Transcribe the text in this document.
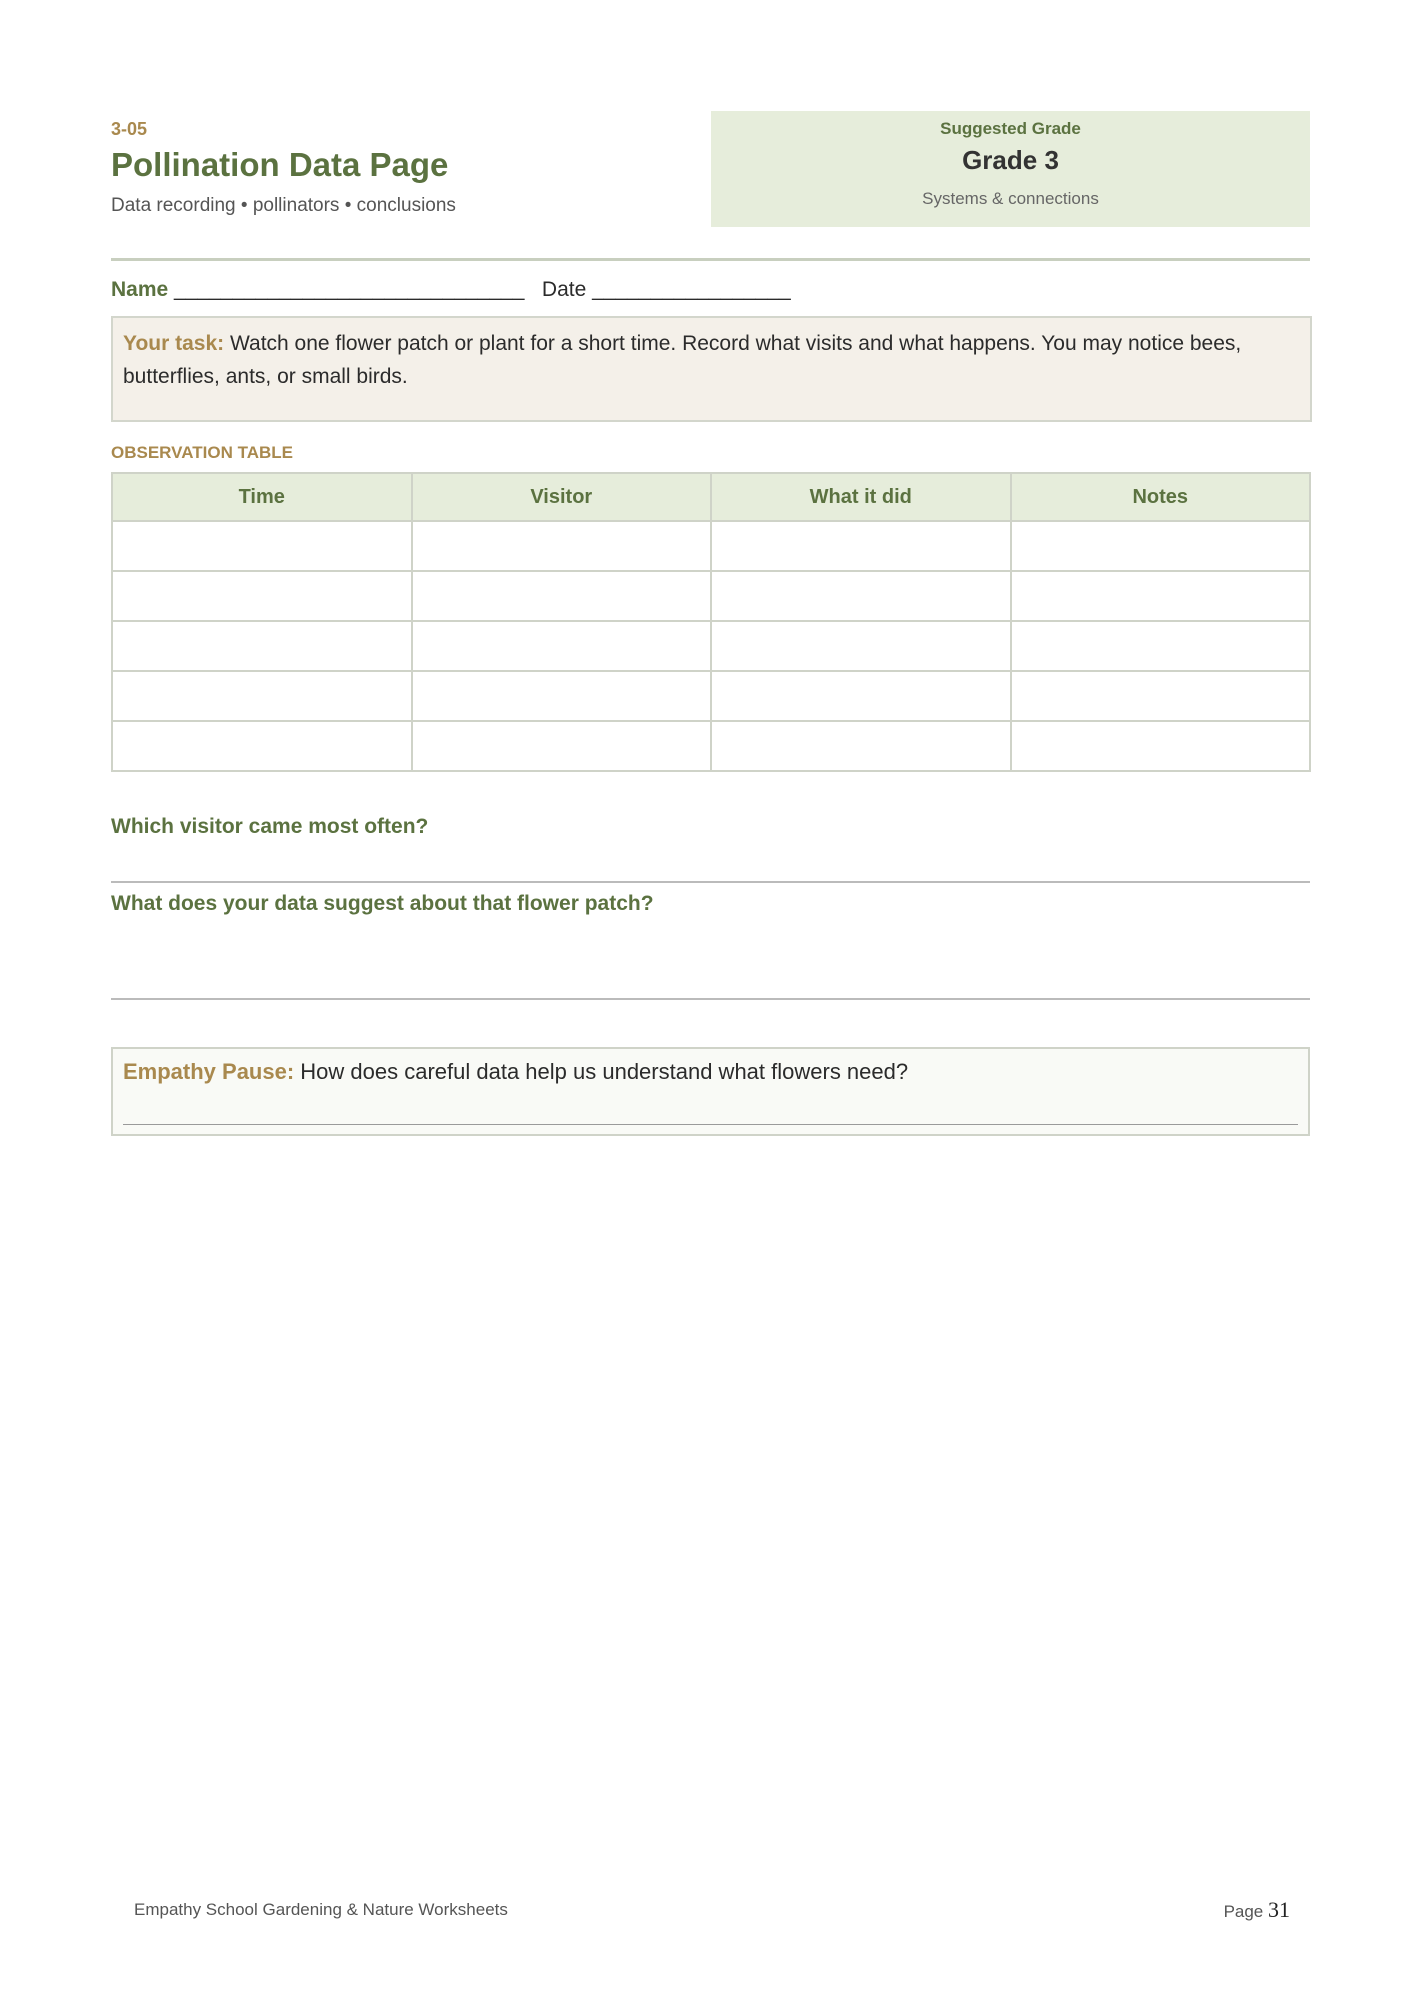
3-05
Pollination Data Page
Data recording • pollinators • conclusions
Suggested Grade
Grade 3
Systems & connections
Name ______________________________   Date _________________
Your task: Watch one flower patch or plant for a short time. Record what visits and what happens. You may notice bees, butterflies, ants, or small birds.
OBSERVATION TABLE
Time	Visitor	What it did	Notes

Which visitor came most often?
What does your data suggest about that flower patch?
Empathy Pause: How does careful data help us understand what flowers need?
Empathy School Gardening & Nature Worksheets	Page 31
